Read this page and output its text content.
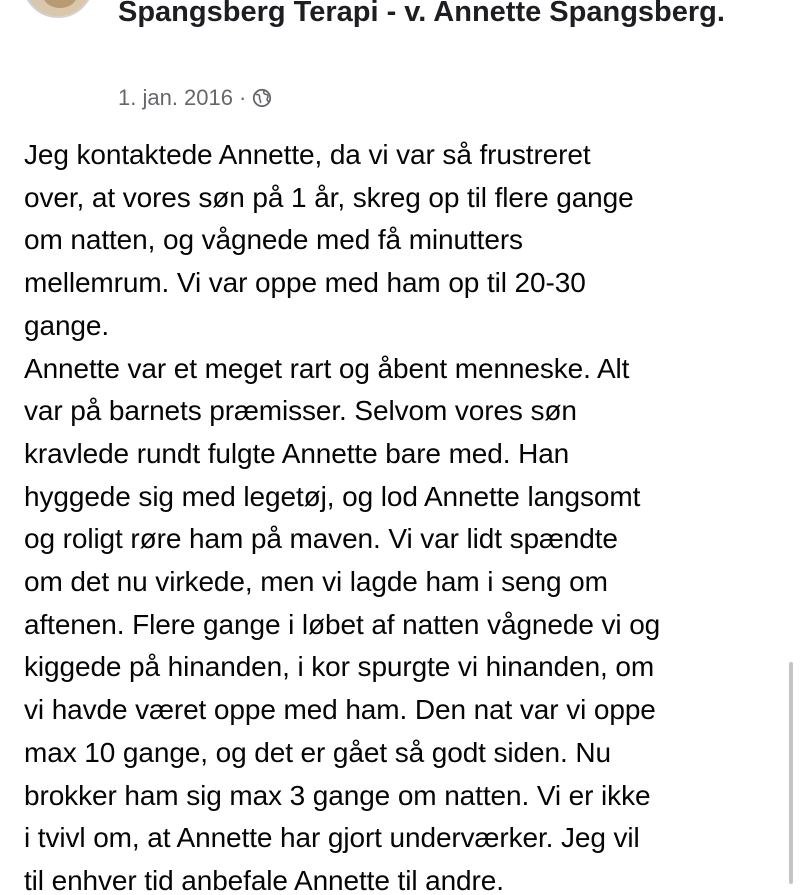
Spangsberg Terapi - v. Annette Spangsberg.
1. jan. 2016 ·

Jeg kontaktede Annette, da vi var så frustreret
over, at vores søn på 1 år, skreg op til flere gange
om natten, og vågnede med få minutters
mellemrum. Vi var oppe med ham op til 20-30
gange.
Annette var et meget rart og åbent menneske. Alt
var på barnets præmisser. Selvom vores søn
kravlede rundt fulgte Annette bare med. Han
hyggede sig med legetøj, og lod Annette langsomt
og roligt røre ham på maven. Vi var lidt spændte
om det nu virkede, men vi lagde ham i seng om
aftenen. Flere gange i løbet af natten vågnede vi og
kiggede på hinanden, i kor spurgte vi hinanden, om
vi havde været oppe med ham. Den nat var vi oppe
max 10 gange, og det er gået så godt siden. Nu
brokker ham sig max 3 gange om natten. Vi er ikke
i tvivl om, at Annette har gjort underværker. Jeg vil
til enhver tid anbefale Annette til andre.
